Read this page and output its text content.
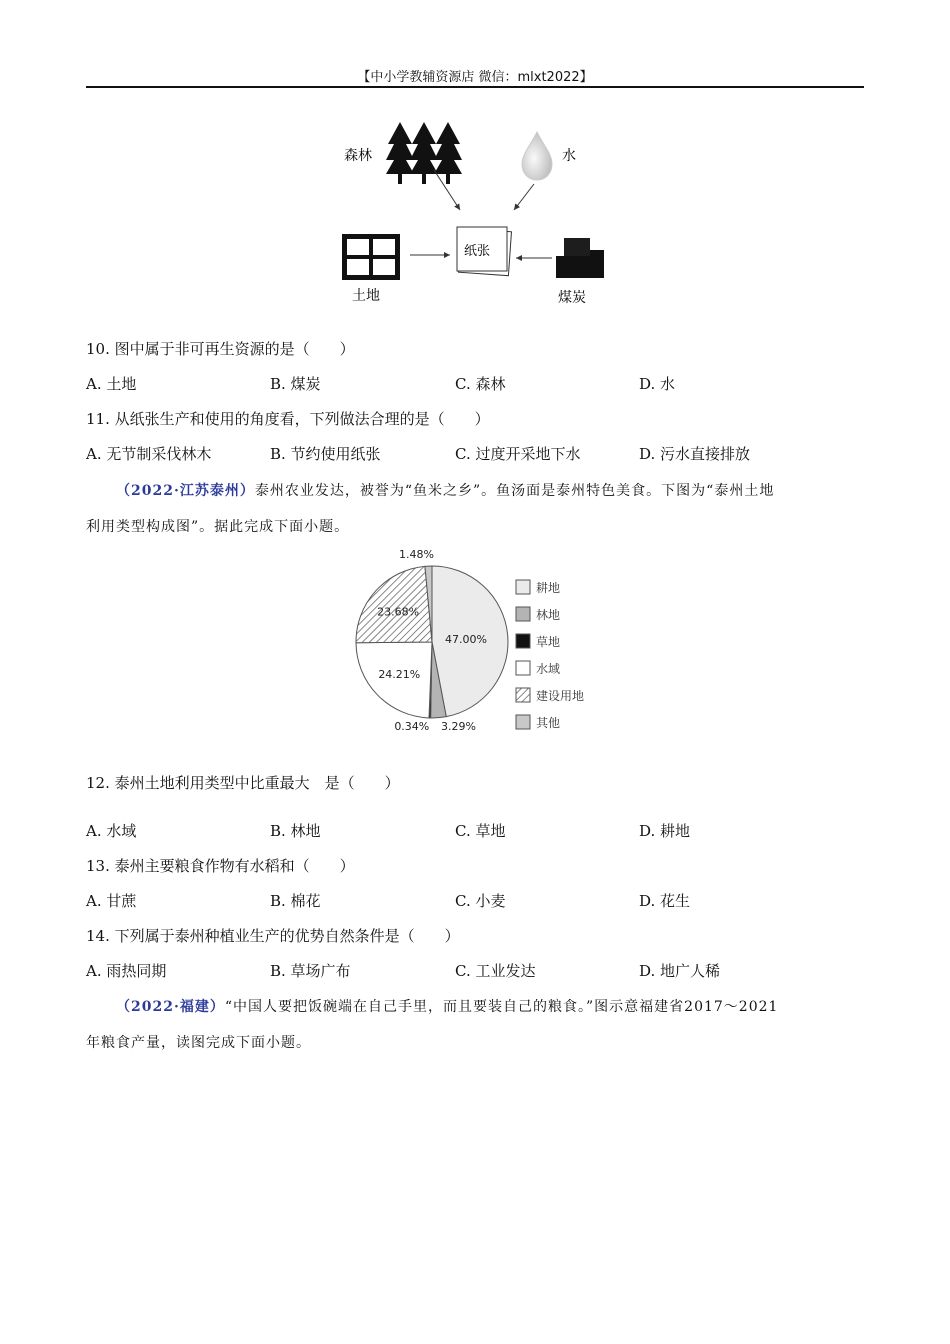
【中小学教辅资源店 微信：mlxt2022】
森林	水
纸张
土地	煤炭
10. 图中属于非可再生资源的是（　　）
A. 土地	B. 煤炭	C. 森林	D. 水
11. 从纸张生产和使用的角度看，下列做法合理的是（　　）
A. 无节制采伐林木	B. 节约使用纸张	C. 过度开采地下水	D. 污水直接排放
（2022·江苏泰州）泰州农业发达，被誉为“鱼米之乡”。鱼汤面是泰州特色美食。下图为“泰州土地
利用类型构成图”。据此完成下面小题。
47.00%
24.21%
23.68%
3.29%
0.34%
1.48%
耕地
林地
草地
水域
建设用地
其他
12. 泰州土地利用类型中比重最大　是（　　）
A. 水域	B. 林地	C. 草地	D. 耕地
13. 泰州主要粮食作物有水稻和（　　）
A. 甘蔗	B. 棉花	C. 小麦	D. 花生
14. 下列属于泰州种植业生产的优势自然条件是（　　）
A. 雨热同期	B. 草场广布	C. 工业发达	D. 地广人稀
（2022·福建）“中国人要把饭碗端在自己手里，而且要装自己的粮食。”图示意福建省2017～2021
年粮食产量，读图完成下面小题。
